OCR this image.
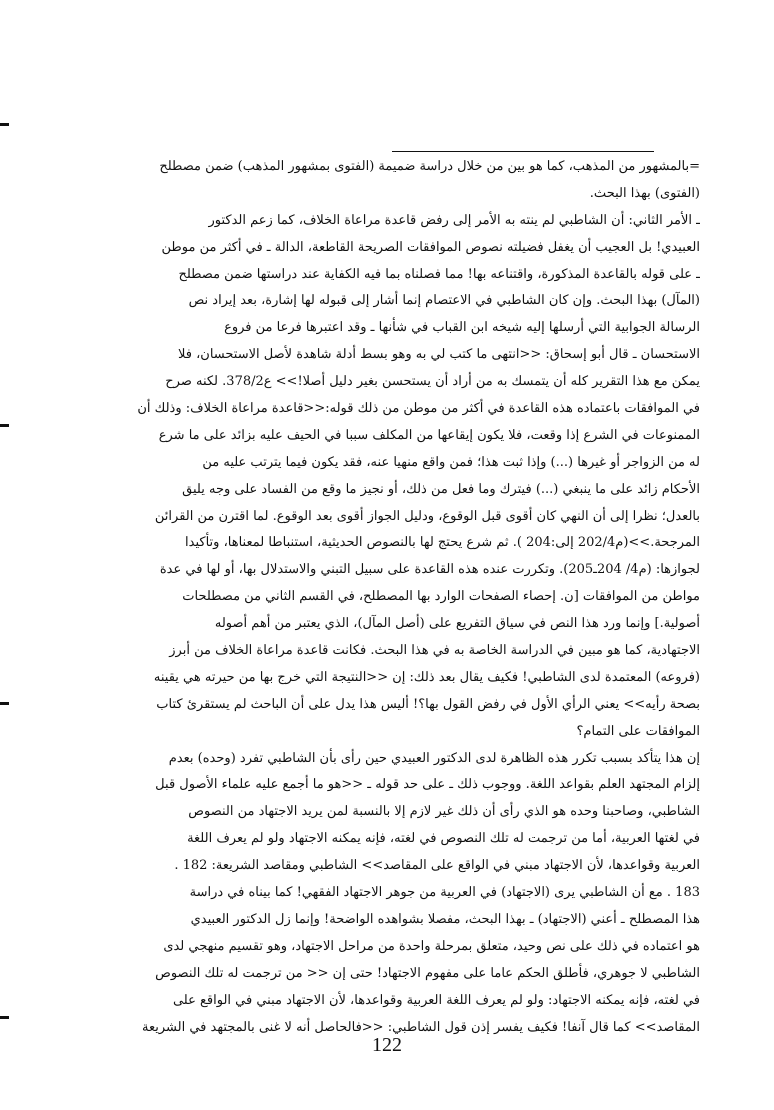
=بالمشهور من المذهب، كما هو بين من خلال دراسة ضميمة (الفتوى بمشهور المذهب) ضمن مصطلح
(الفتوى) بهذا البحث.
ـ الأمر الثاني: أن الشاطبي لم ينته به الأمر إلى رفض قاعدة مراعاة الخلاف، كما زعم الدكتور
العبيدي! بل العجيب أن يغفل فضيلته نصوص الموافقات الصريحة القاطعة، الدالة ـ في أكثر من موطن
ـ على قوله بالقاعدة المذكورة، واقتناعه بها! مما فصلناه بما فيه الكفاية عند دراستها ضمن مصطلح
(المآل) بهذا البحث. وإن كان الشاطبي في الاعتصام إنما أشار إلى قبوله لها إشارة، بعد إيراد نص
الرسالة الجوابية التي أرسلها إليه شيخه ابن القباب في شأنها ـ وقد اعتبرها فرعا من فروع
الاستحسان ـ قال أبو إسحاق: <<انتهى ما كتب لي به وهو بسط أدلة شاهدة لأصل الاستحسان، فلا
يمكن مع هذا التقرير كله أن يتمسك به من أراد أن يستحسن بغير دليل أصلا!>> ع378/2. لكنه صرح
في الموافقات باعتماده هذه القاعدة في أكثر من موطن من ذلك قوله:<<قاعدة مراعاة الخلاف: وذلك أن
الممنوعات في الشرع إذا وقعت، فلا يكون إيقاعها من المكلف سببا في الحيف عليه بزائد على ما شرع
له من الزواجر أو غيرها (...) وإذا ثبت هذا؛ فمن واقع منهيا عنه، فقد يكون فيما يترتب عليه من
الأحكام زائد على ما ينبغي (...) فيترك وما فعل من ذلك، أو نجيز ما وقع من الفساد على وجه يليق
بالعدل؛ نظرا إلى أن النهي كان أقوى قبل الوقوع، ودليل الجواز أقوى بعد الوقوع. لما اقترن من القرائن
المرجحة.>>(م202/4 إلى:204 ). ثم شرع يحتج لها بالنصوص الحديثية، استنباطا لمعناها، وتأكيدا
لجوازها: (م4/ 204ـ205). وتكررت عنده هذه القاعدة على سبيل التبني والاستدلال بها، أو لها في عدة
مواطن من الموافقات [ن. إحصاء الصفحات الوارد بها المصطلح، في القسم الثاني من مصطلحات
أصولية.] وإنما ورد هذا النص في سياق التفريع على (أصل المآل)، الذي يعتبر من أهم أصوله
الاجتهادية، كما هو مبين في الدراسة الخاصة به في هذا البحث. فكانت قاعدة مراعاة الخلاف من أبرز
(فروعه) المعتمدة لدى الشاطبي! فكيف يقال بعد ذلك: إن <<النتيجة التي خرج بها من حيرته هي يقينه
بصحة رأيه>> يعني الرأي الأول في رفض القول بها؟! أليس هذا يدل على أن الباحث لم يستقرئ كتاب
الموافقات على التمام؟
إن هذا يتأكد بسبب تكرر هذه الظاهرة لدى الدكتور العبيدي حين رأى بأن الشاطبي تفرد (وحده) بعدم
إلزام المجتهد العلم بقواعد اللغة. ووجوب ذلك ـ على حد قوله ـ <<هو ما أجمع عليه علماء الأصول قبل
الشاطبي، وصاحبنا وحده هو الذي رأى أن ذلك غير لازم إلا بالنسبة لمن يريد الاجتهاد من النصوص
في لغتها العربية، أما من ترجمت له تلك النصوص في لغته، فإنه يمكنه الاجتهاد ولو لم يعرف اللغة
العربية وقواعدها، لأن الاجتهاد مبني في الواقع على المقاصد>> الشاطبي ومقاصد الشريعة: 182 .
183 . مع أن الشاطبي يرى (الاجتهاد) في العربية من جوهر الاجتهاد الفقهي! كما بيناه في دراسة
هذا المصطلح ـ أعني (الاجتهاد) ـ بهذا البحث، مفصلا بشواهده الواضحة! وإنما زل الدكتور العبيدي
هو اعتماده في ذلك على نص وحيد، متعلق بمرحلة واحدة من مراحل الاجتهاد، وهو تقسيم منهجي لدى
الشاطبي لا جوهري، فأطلق الحكم عاما على مفهوم الاجتهاد! حتى إن << من ترجمت له تلك النصوص
في لغته، فإنه يمكنه الاجتهاد: ولو لم يعرف اللغة العربية وقواعدها، لأن الاجتهاد مبني في الواقع على
المقاصد>> كما قال آنفا! فكيف يفسر إذن قول الشاطبي: <<فالحاصل أنه لا غنى بالمجتهد في الشريعة
122
